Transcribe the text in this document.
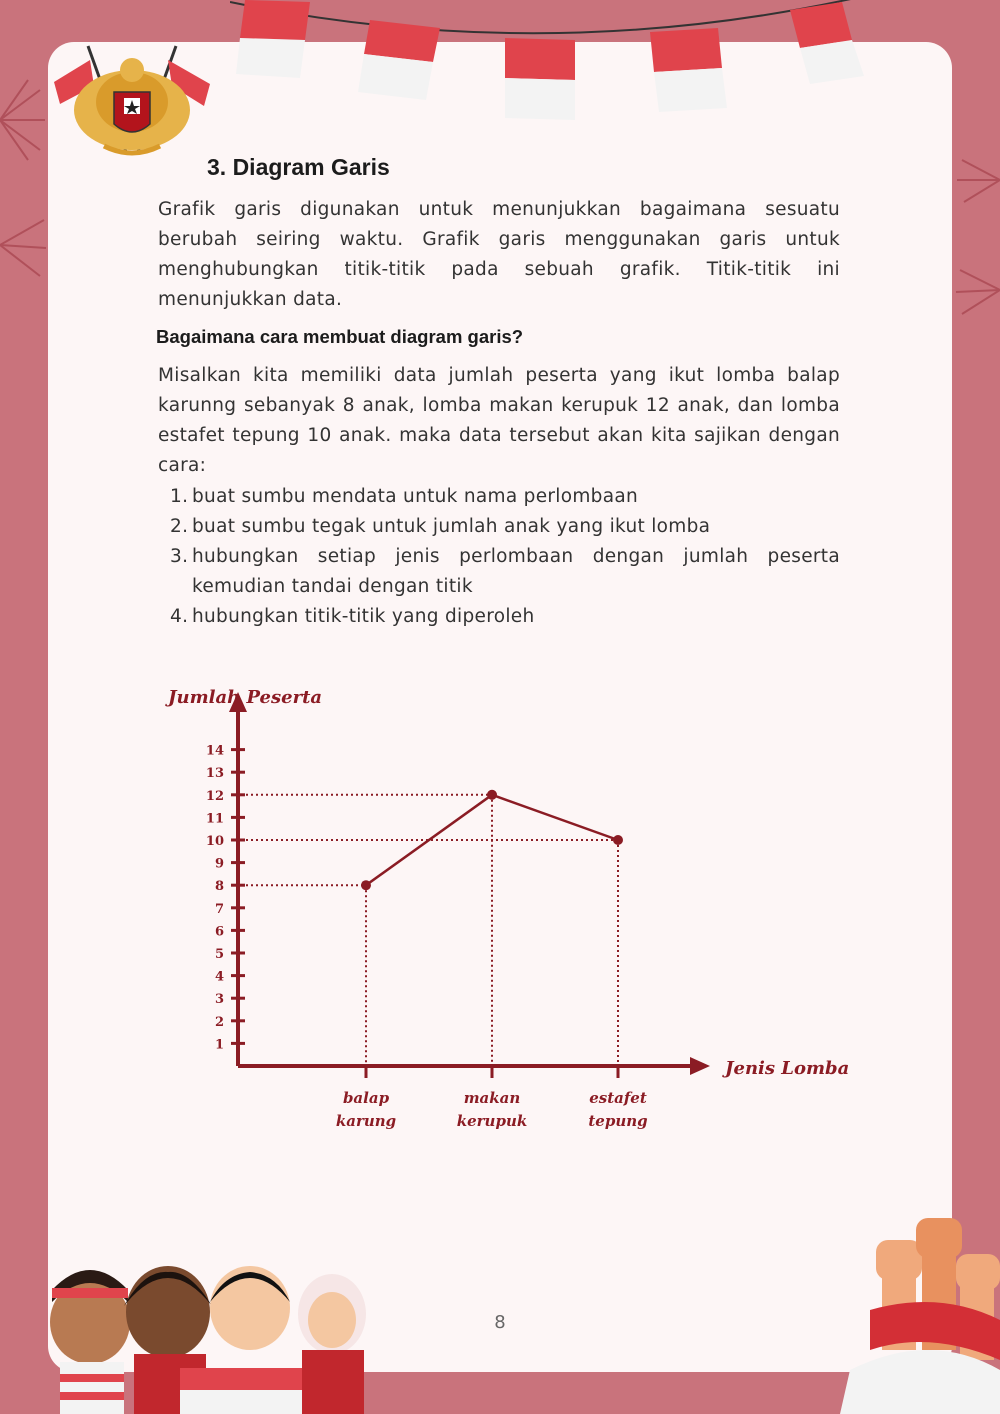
3. Diagram Garis

Grafik garis digunakan untuk menunjukkan bagaimana sesuatu berubah seiring waktu. Grafik garis menggunakan garis untuk menghubungkan titik-titik pada sebuah grafik. Titik-titik ini menunjukkan data.

Bagaimana cara membuat diagram garis?

Misalkan kita memiliki data jumlah peserta yang ikut lomba balap karunng sebanyak 8 anak, lomba makan kerupuk 12 anak, dan lomba estafet tepung 10 anak. maka data tersebut akan kita sajikan dengan cara:

1. buat sumbu mendata untuk nama perlombaan
2. buat sumbu tegak untuk jumlah anak yang ikut lomba
3. hubungkan setiap jenis perlombaan dengan jumlah peserta kemudian tandai dengan titik
4. hubungkan titik-titik yang diperoleh
Jumlah Peserta
Jenis Lomba
1
2
3
4
5
6
7
8
9
10
11
12
13
14
balap
karung
makan
kerupuk
estafet
tepung
8
